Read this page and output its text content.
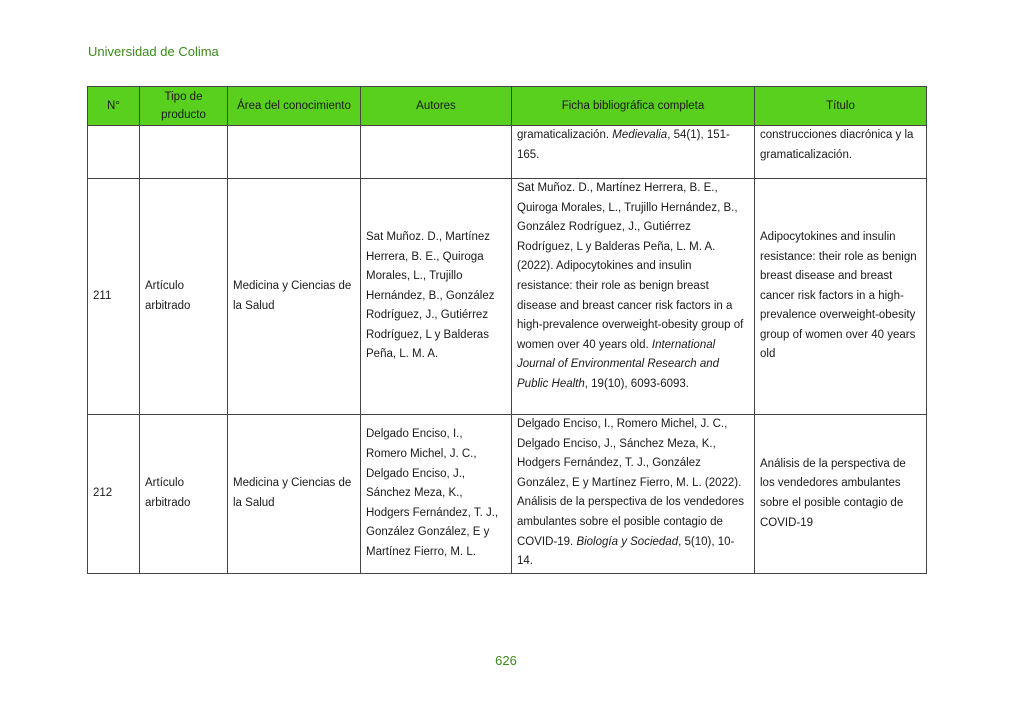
Universidad de Colima
N°	Tipo de producto	Área del conocimiento	Autores	Ficha bibliográfica completa	Título
				gramaticalización. Medievalia, 54(1), 151-165.	construcciones diacrónica y la gramaticalización.
211	Artículo arbitrado	Medicina y Ciencias de la Salud	Sat Muñoz. D., Martínez Herrera, B. E., Quiroga Morales, L., Trujillo Hernández, B., González Rodríguez, J., Gutiérrez Rodríguez, L y Balderas Peña, L. M. A.	Sat Muñoz. D., Martínez Herrera, B. E., Quiroga Morales, L., Trujillo Hernández, B., González Rodríguez, J., Gutiérrez Rodríguez, L y Balderas Peña, L. M. A. (2022). Adipocytokines and insulin resistance: their role as benign breast disease and breast cancer risk factors in a high-prevalence overweight-obesity group of women over 40 years old. International Journal of Environmental Research and Public Health, 19(10), 6093-6093.	Adipocytokines and insulin resistance: their role as benign breast disease and breast cancer risk factors in a high-prevalence overweight-obesity group of women over 40 years old
212	Artículo arbitrado	Medicina y Ciencias de la Salud	Delgado Enciso, I., Romero Michel, J. C., Delgado Enciso, J., Sánchez Meza, K., Hodgers Fernández, T. J., González González, E y Martínez Fierro, M. L.	Delgado Enciso, I., Romero Michel, J. C., Delgado Enciso, J., Sánchez Meza, K., Hodgers Fernández, T. J., González González, E y Martínez Fierro, M. L. (2022). Análisis de la perspectiva de los vendedores ambulantes sobre el posible contagio de COVID-19. Biología y Sociedad, 5(10), 10-14.	Análisis de la perspectiva de los vendedores ambulantes sobre el posible contagio de COVID-19
626
